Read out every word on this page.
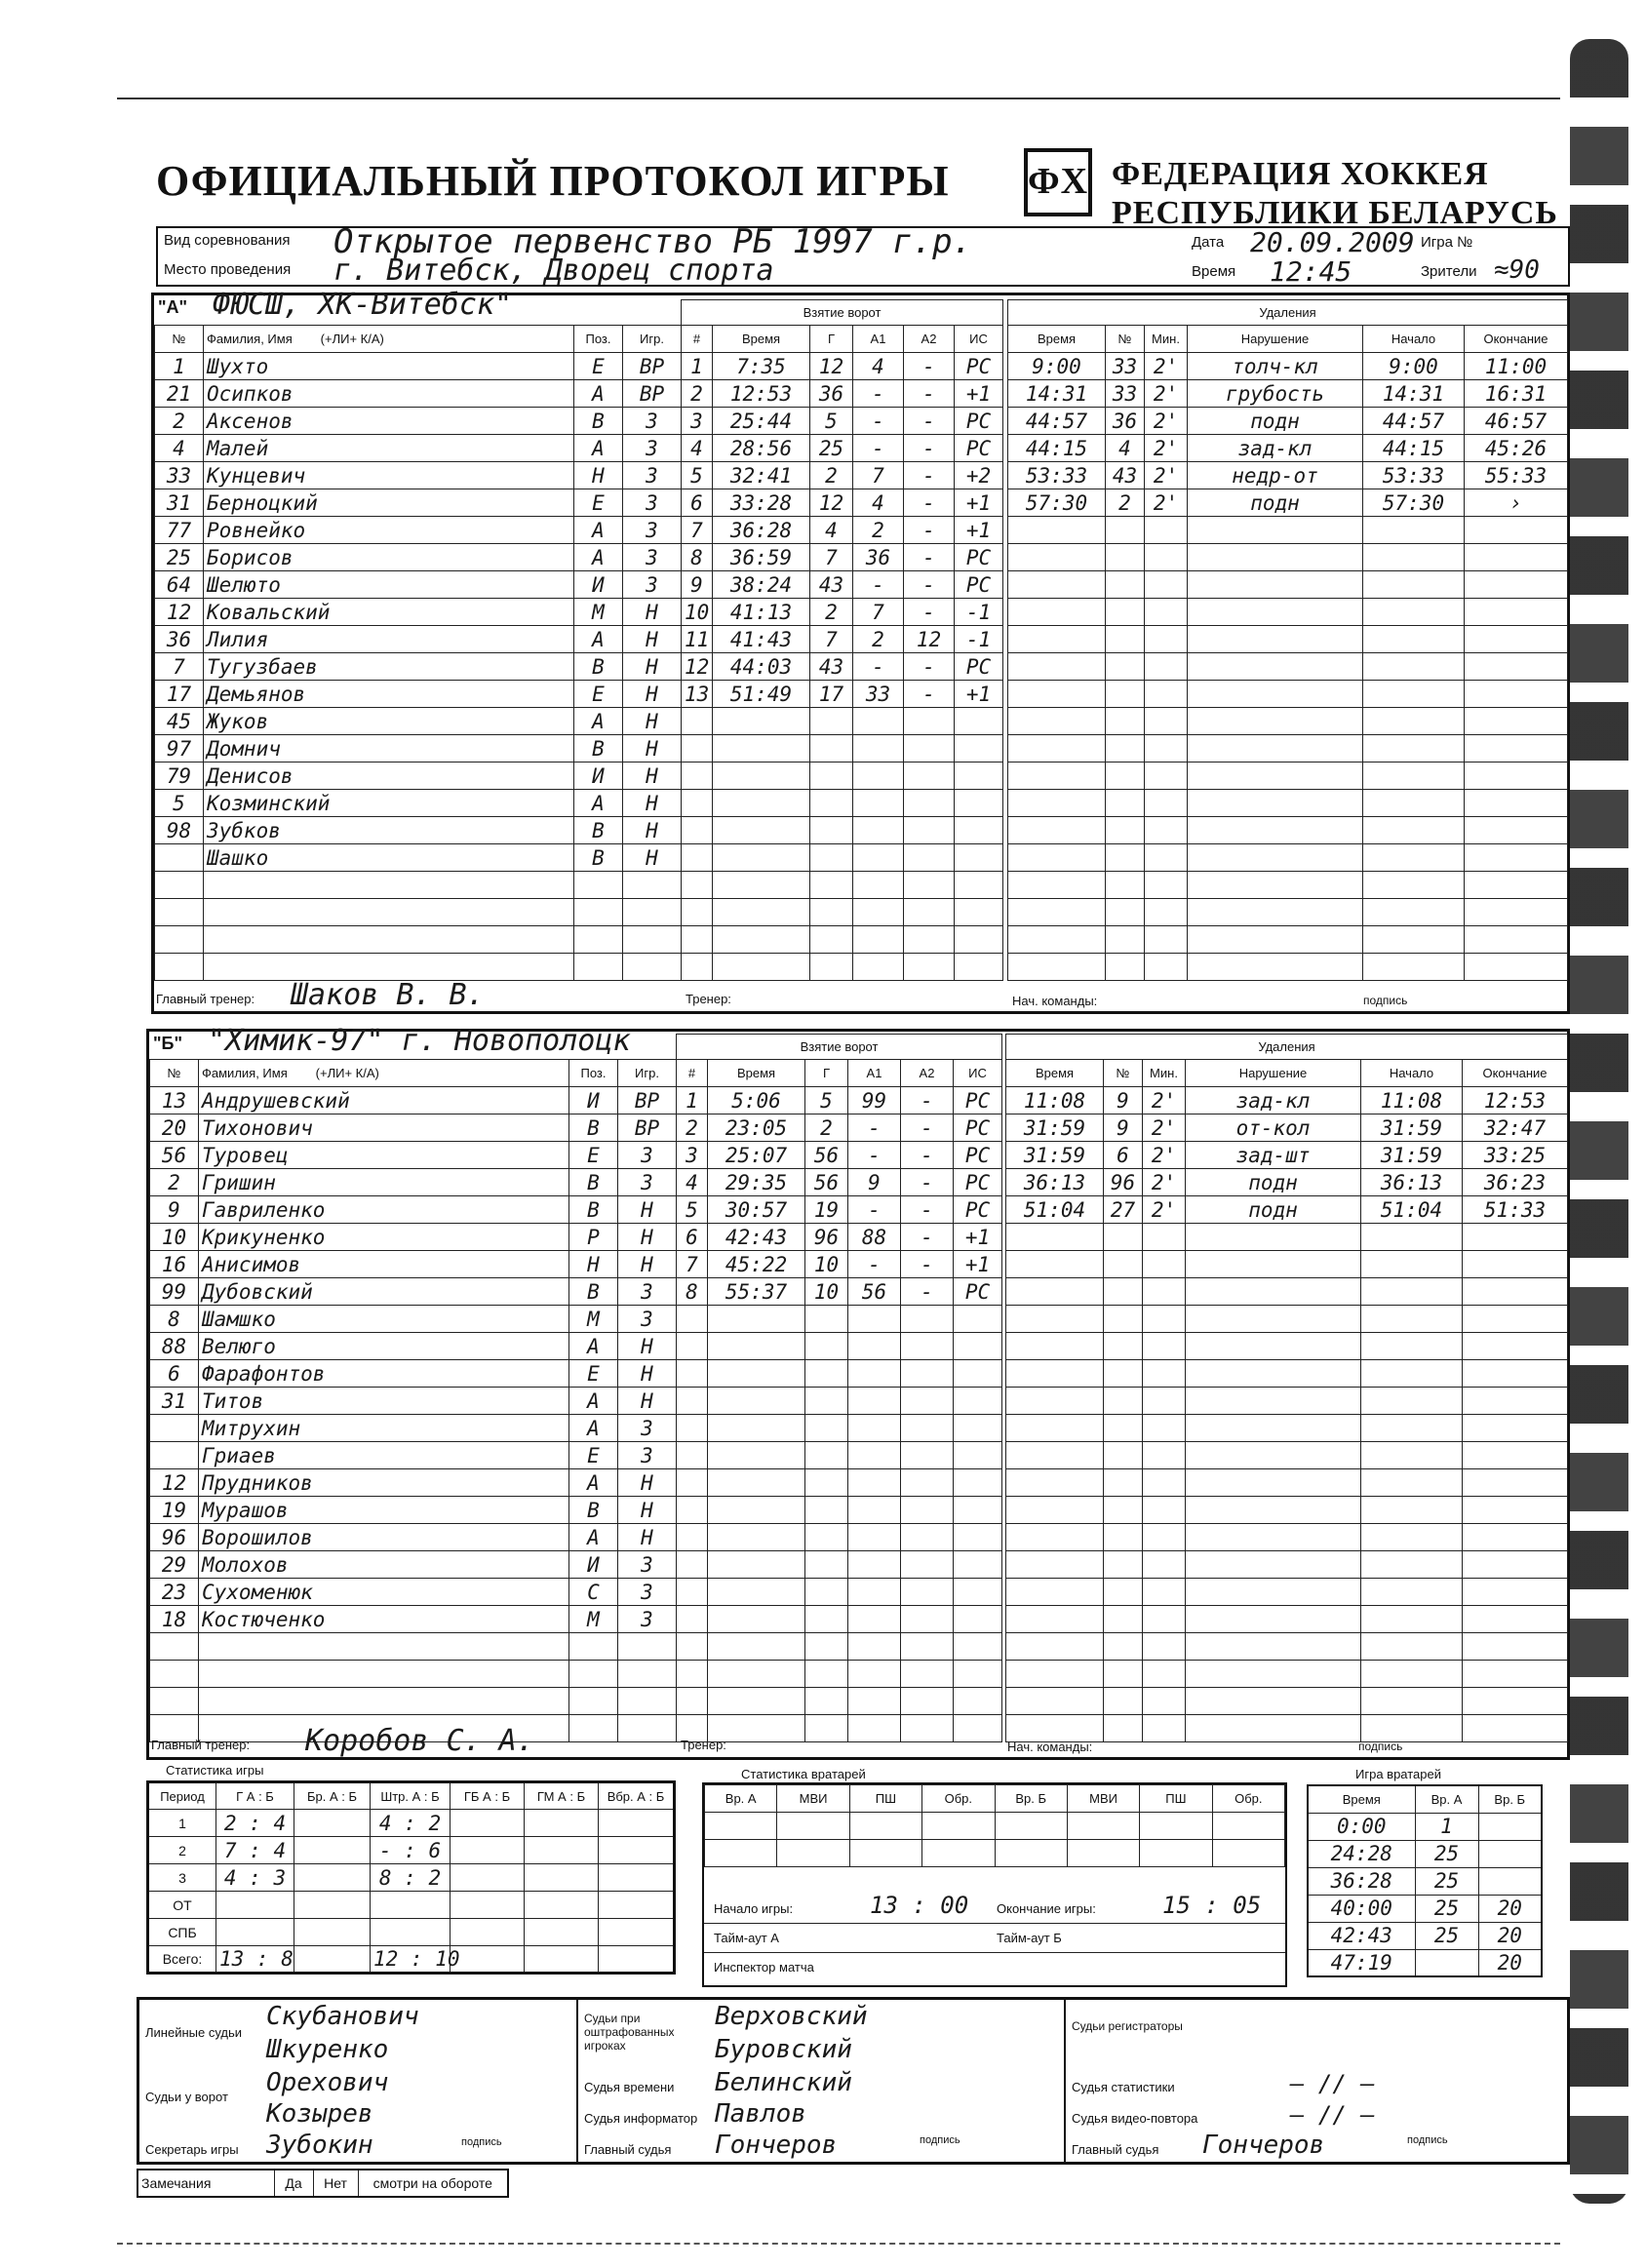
ОФИЦИАЛЬНЫЙ ПРОТОКОЛ ИГРЫ	ФХ ФЕДЕРАЦИЯ ХОККЕЯ
РЕСПУБЛИКИ БЕЛАРУСЬ
Вид соревнования Открытое первенство РБ 1997 г.р.
Место проведения г. Витебск, Дворец спорта
Дата 20.09.2009
Время 12:45
Игра №
Зрители ≈90
"А" ФЮСШ, ХК-Витебск"
№	Фамилия, Имя (+ЛИ+ К/А)	Поз.	Игр.
1	Шухто	Е	ВР
21	Осипков	А	ВР
2	Аксенов	В	3
4	Малей	А	3
33	Кунцевич	Н	3
31	Берноцкий	Е	3
77	Ровнейко	А	3
25	Борисов	А	3
64	Шелюто	И	3
12	Ковальский	М	Н
36	Лилия	А	Н
7	Тугузбаев	В	Н
17	Демьянов	Е	Н
45	Жуков	А	Н
97	Домнич	В	Н
79	Денисов	И	Н
5	Козминский	А	Н
98	Зубков	В	Н
	Шашко	В	Н

Взятие ворот					
#	Время	Г	А1	А2	ИС
1	7:35	12	4	-	РС
2	12:53	36	-	-	+1
3	25:44	5	-	-	РС
4	28:56	25	-	-	РС
5	32:41	2	7	-	+2
6	33:28	12	4	-	+1
7	36:28	4	2	-	+1
8	36:59	7	36	-	РС
9	38:24	43	-	-	РС
10	41:13	2	7	-	-1
11	41:43	7	2	12	-1
12	44:03	43	-	-	РС
13	51:49	17	33	-	+1

Удаления					
Время	№	Мин.	Нарушение	Начало	Окончание
9:00	33	2'	толч-кл	9:00	11:00
14:31	33	2'	грубость	14:31	16:31
44:57	36	2'	подн	44:57	46:57
44:15	4	2'	зад-кл	44:15	45:26
53:33	43	2'	недр-от	53:33	55:33
57:30	2	2'	подн	57:30	›

Главный тренер: Шаков В. В.	Тренер:	Нач. команды:	подпись
"Б" "Химик-97" г. Новополоцк
№	Фамилия, Имя (+ЛИ+ К/А)	Поз.	Игр.
13	Андрушевский	И	ВР
20	Тихонович	В	ВР
56	Туровец	Е	3
2	Гришин	В	3
9	Гавриленко	В	Н
10	Крикуненко	Р	Н
16	Анисимов	Н	Н
99	Дубовский	В	3
8	Шамшко	М	3
88	Велюго	А	Н
6	Фарафонтов	Е	Н
31	Титов	А	Н
	Митрухин	А	3
	Гриаев	Е	3
12	Прудников	А	Н
19	Мурашов	В	Н
96	Ворошилов	А	Н
29	Молохов	И	3
23	Сухоменюк	С	3
18	Костюченко	М	3

Взятие ворот					
#	Время	Г	А1	А2	ИС
1	5:06	5	99	-	РС
2	23:05	2	-	-	РС
3	25:07	56	-	-	РС
4	29:35	56	9	-	РС
5	30:57	19	-	-	РС
6	42:43	96	88	-	+1
7	45:22	10	-	-	+1
8	55:37	10	56	-	РС

Удаления					
Время	№	Мин.	Нарушение	Начало	Окончание
11:08	9	2'	зад-кл	11:08	12:53
31:59	9	2'	от-кол	31:59	32:47
31:59	6	2'	зад-шт	31:59	33:25
36:13	96	2'	подн	36:13	36:23
51:04	27	2'	подн	51:04	51:33

Главный тренер: Коробов С. А.	Тренер:	Нач. команды:	подпись
Статистика игры
Период	Г А : Б	Бр. А : Б	Штр. А : Б	ГБ А : Б	ГМ А : Б	Вбр. А : Б
1	2 : 4		4 : 2			
2	7 : 4		- : 6			
3	4 : 3		8 : 2			
ОТ						
СПБ						
Всего:	13 : 8		12 : 10			
Статистика вратарей
Вр. А	МВИ	ПШ	Обр.	Вр. Б	МВИ	ПШ	Обр.

Начало игры:	13 : 00	Окончание игры:	15 : 05
Тайм-аут А	Тайм-аут Б
Инспектор матча
Игра вратарей
Время	Вр. А	Вр. Б
0:00	1	
24:28	25	
36:28	25	
40:00	25	20
42:43	25	20
47:19		20
Линейные судьи
Скубанович
Шкуренко
Судьи у ворот Орехович
Козырев
Секретарь игры Зубокин	подпись
Судьи при оштрафованных игроках
Верховский
Буровский
Судья времени Белинский
Судья информатор Павлов
Главный судья Гончеров	подпись
Судьи регистраторы
Судья статистики	— // —
Судья видео-повтора	— // —
Главный судья Гончеров	подпись
Замечания	Да	Нет	смотри на обороте
